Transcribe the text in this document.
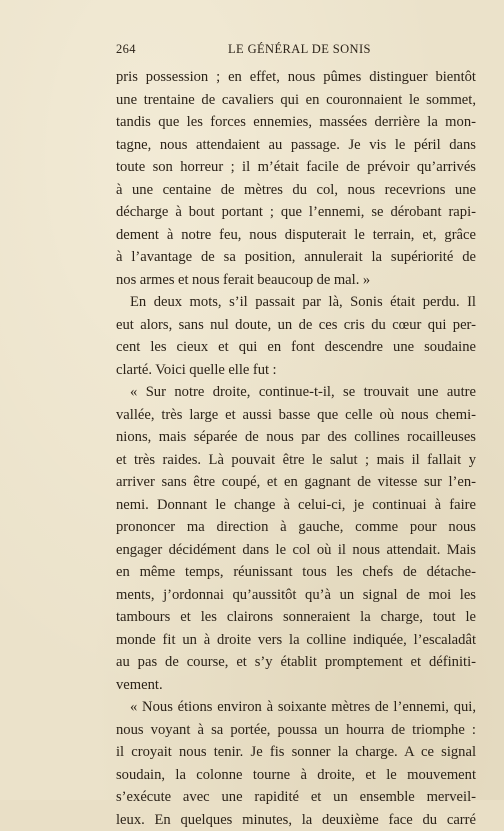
264	LE GÉNÉRAL DE SONIS
pris possession ; en effet, nous pûmes distinguer bientôt
une trentaine de cavaliers qui en couronnaient le sommet,
tandis que les forces ennemies, massées derrière la mon-
tagne, nous attendaient au passage. Je vis le péril dans
toute son horreur ; il m’était facile de prévoir qu’arrivés
à une centaine de mètres du col, nous recevrions une
décharge à bout portant ; que l’ennemi, se dérobant rapi-
dement à notre feu, nous disputerait le terrain, et, grâce
à l’avantage de sa position, annulerait la supériorité de
nos armes et nous ferait beaucoup de mal. »
En deux mots, s’il passait par là, Sonis était perdu. Il
eut alors, sans nul doute, un de ces cris du cœur qui per-
cent les cieux et qui en font descendre une soudaine
clarté. Voici quelle elle fut :
« Sur notre droite, continue-t-il, se trouvait une autre
vallée, très large et aussi basse que celle où nous chemi-
nions, mais séparée de nous par des collines rocailleuses
et très raides. Là pouvait être le salut ; mais il fallait y
arriver sans être coupé, et en gagnant de vitesse sur l’en-
nemi. Donnant le change à celui-ci, je continuai à faire
prononcer ma direction à gauche, comme pour nous
engager décidément dans le col où il nous attendait. Mais
en même temps, réunissant tous les chefs de détache-
ments, j’ordonnai qu’aussitôt qu’à un signal de moi les
tambours et les clairons sonneraient la charge, tout le
monde fit un à droite vers la colline indiquée, l’escaladât
au pas de course, et s’y établit promptement et définiti-
vement.
« Nous étions environ à soixante mètres de l’ennemi, qui,
nous voyant à sa portée, poussa un hourra de triomphe :
il croyait nous tenir. Je fis sonner la charge. A ce signal
soudain, la colonne tourne à droite, et le mouvement
s’exécute avec une rapidité et un ensemble merveil-
leux. En quelques minutes, la deuxième face du carré
